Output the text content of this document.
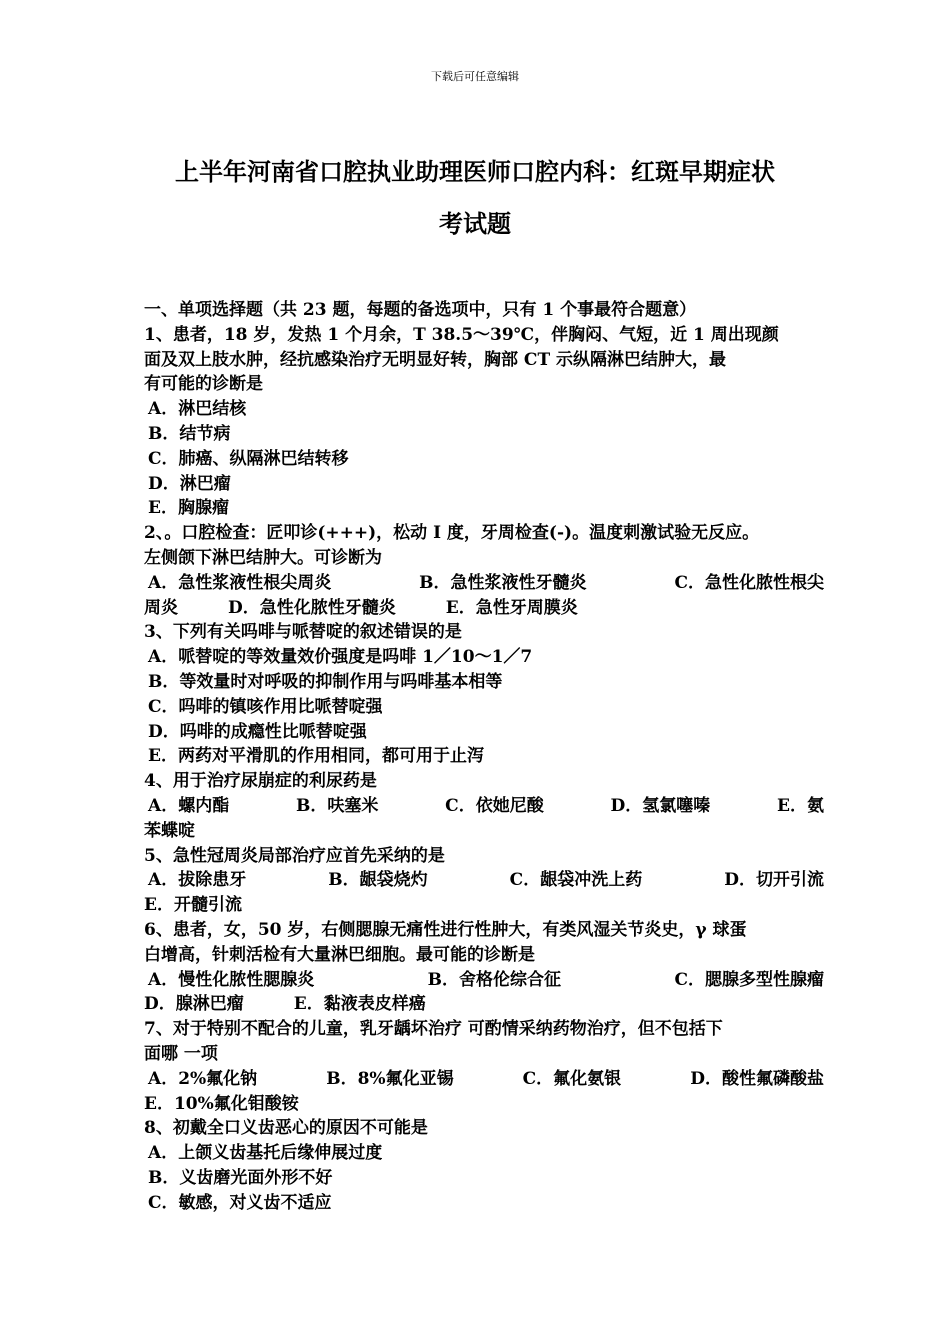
下载后可任意编辑
上半年河南省口腔执业助理医师口腔内科：红斑早期症状
考试题
一、单项选择题（共 23 题，每题的备选项中，只有 1 个事最符合题意）
1、患者，18 岁，发热 1 个月余，T 38.5～39℃，伴胸闷、气短，近 1 周出现颜
面及双上肢水肿，经抗感染治疗无明显好转，胸部 CT 示纵隔淋巴结肿大，最
有可能的诊断是
A．淋巴结核
B．结节病
C．肺癌、纵隔淋巴结转移
D．淋巴瘤
E．胸腺瘤
2、。口腔检查：匠叩诊(+++)，松动 I 度，牙周检查(-)。温度刺激试验无反应。
左侧颌下淋巴结肿大。可诊断为
A．急性浆液性根尖周炎	B．急性浆液性牙髓炎	C．急性化脓性根尖
周炎	D．急性化脓性牙髓炎	E．急性牙周膜炎
3、下列有关吗啡与哌替啶的叙述错误的是
A．哌替啶的等效量效价强度是吗啡 1／10～1／7
B．等效量时对呼吸的抑制作用与吗啡基本相等
C．吗啡的镇咳作用比哌替啶强
D．吗啡的成瘾性比哌替啶强
E．两药对平滑肌的作用相同，都可用于止泻
4、用于治疗尿崩症的利尿药是
A．螺内酯	B．呋塞米	C．依她尼酸	D．氢氯噻嗪	E．氨
苯蝶啶
5、急性冠周炎局部治疗应首先采纳的是
A．拔除患牙	B．龈袋烧灼	C．龈袋冲洗上药	D．切开引流
E．开髓引流
6、患者，女，50 岁，右侧腮腺无痛性进行性肿大，有类风湿关节炎史，γ 球蛋
白增高，针刺活检有大量淋巴细胞。最可能的诊断是
A．慢性化脓性腮腺炎	B．舍格伦综合征	C．腮腺多型性腺瘤
D．腺淋巴瘤	E．黏液表皮样癌
7、对于特别不配合的儿童，乳牙龋坏治疗 可酌情采纳药物治疗，但不包括下
面哪 一项
A．2%氟化钠	B．8%氟化亚锡	C．氟化氨银	D．酸性氟磷酸盐
E．10%氟化钼酸铵
8、初戴全口义齿恶心的原因不可能是
A．上颌义齿基托后缘伸展过度
B．义齿磨光面外形不好
C．敏感，对义齿不适应
